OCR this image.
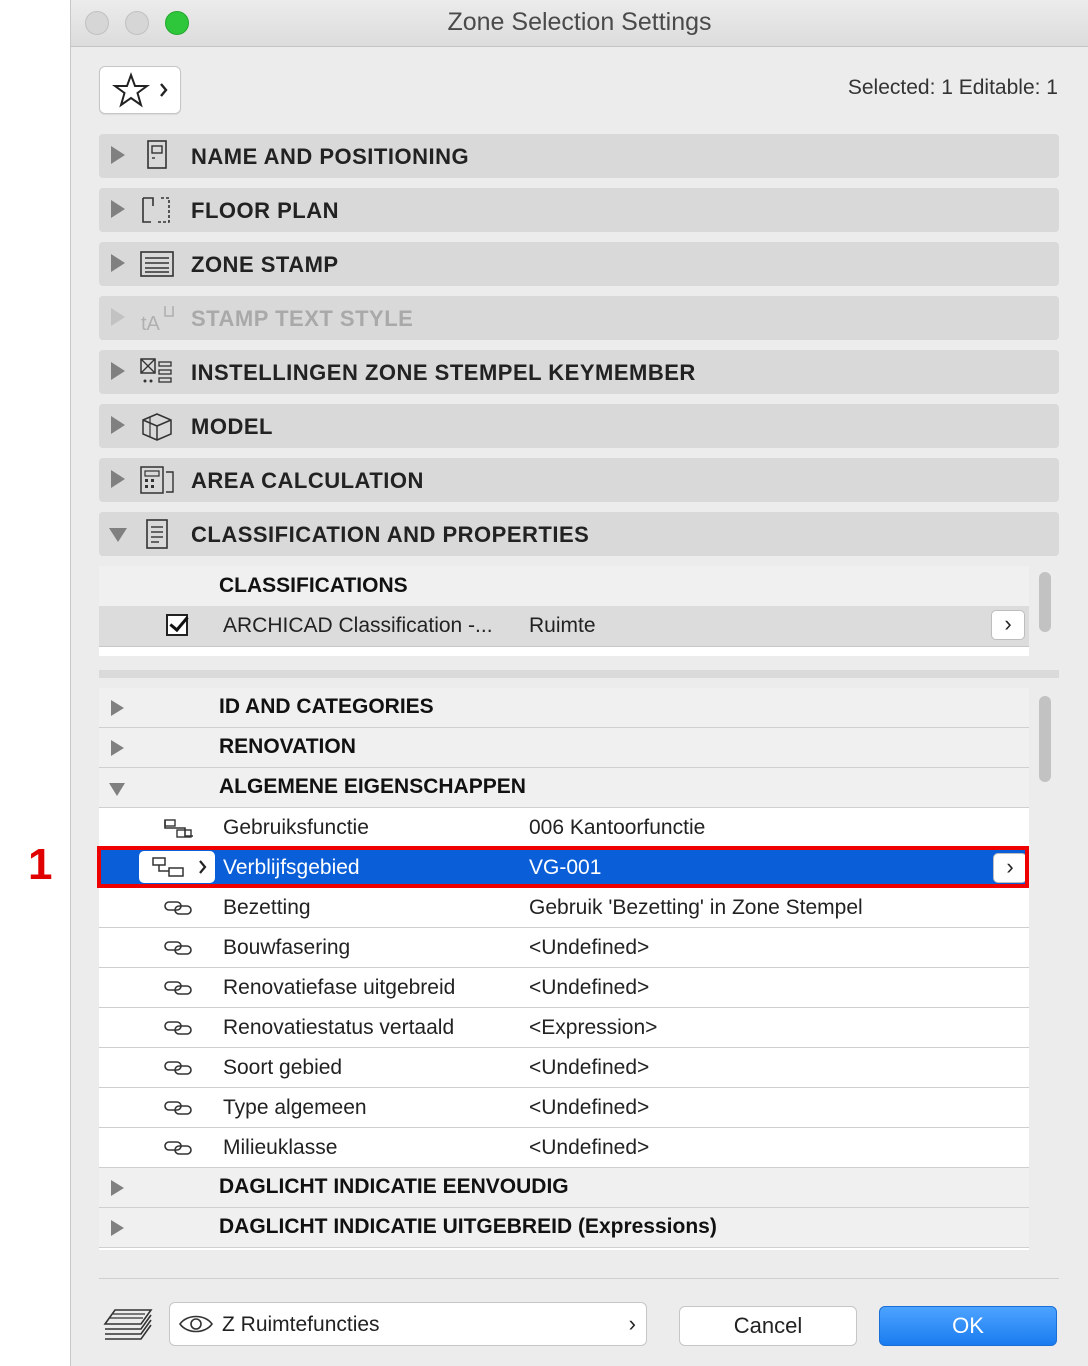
Zone Selection Settings
Selected: 1 Editable: 1
NAME AND POSITIONING
FLOOR PLAN
ZONE STAMP
tA STAMP TEXT STYLE
INSTELLINGEN ZONE STEMPEL KEYMEMBER
MODEL
AREA CALCULATION
CLASSIFICATION AND PROPERTIES
CLASSIFICATIONS
ARCHICAD Classification -... Ruimte	›
ID AND CATEGORIES
RENOVATION
ALGEMENE EIGENSCHAPPEN
Gebruiksfunctie	006 Kantoorfunctie
Verblijfsgebied	VG-001	›
Bezetting	Gebruik 'Bezetting' in Zone Stempel
Bouwfasering	<Undefined>
Renovatiefase uitgebreid	<Undefined>
Renovatiestatus vertaald	<Expression>
Soort gebied	<Undefined>
Type algemeen	<Undefined>
Milieuklasse	<Undefined>
DAGLICHT INDICATIE EENVOUDIG
DAGLICHT INDICATIE UITGEBREID (Expressions)
Z Ruimtefuncties	›	Cancel	OK
1
